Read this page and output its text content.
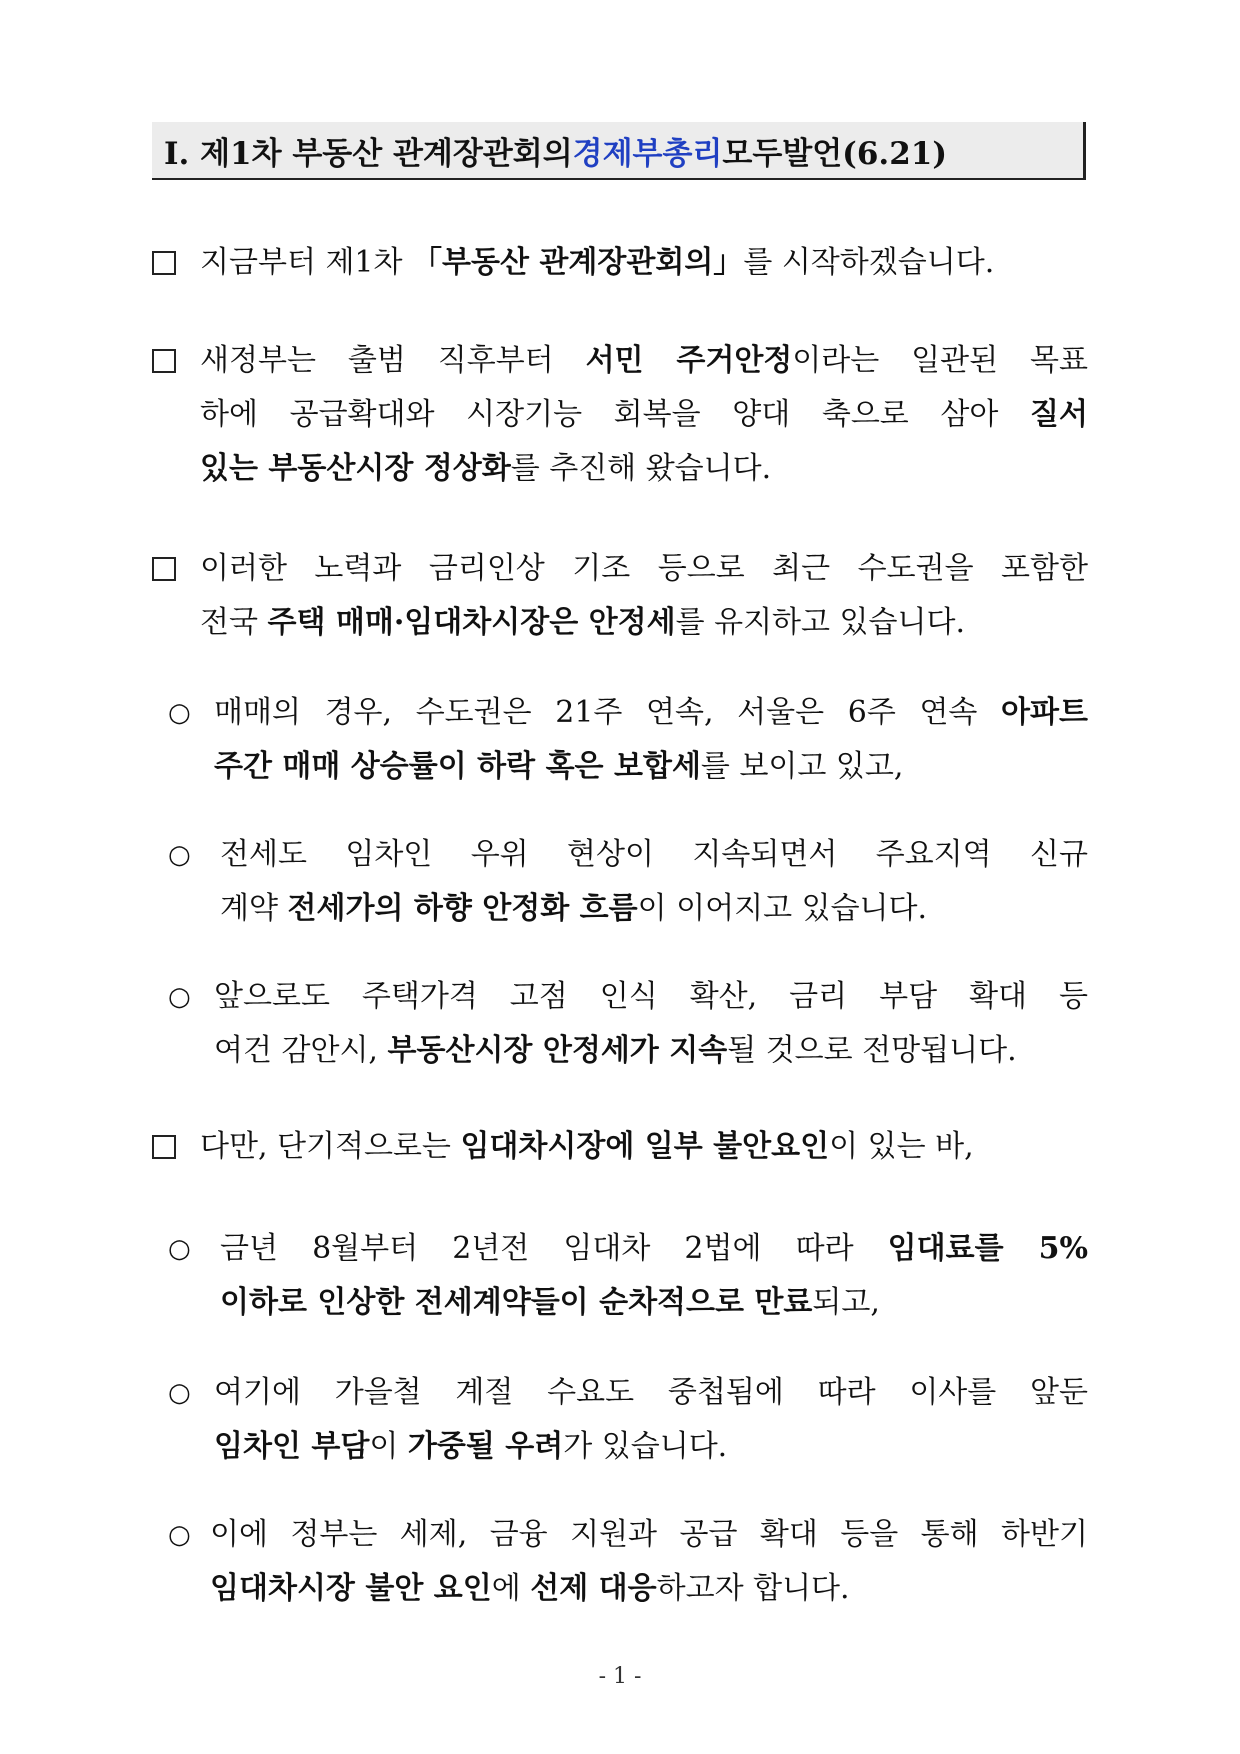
Ⅰ. 제1차 부동산 관계장관회의 경제부총리 모두발언(6.21)
지금부터 제1차 「부동산 관계장관회의」를 시작하겠습니다.
새정부는 출범 직후부터 서민 주거안정이라는 일관된 목표
하에 공급확대와 시장기능 회복을 양대 축으로 삼아 질서
있는 부동산시장 정상화를 추진해 왔습니다.
이러한 노력과 금리인상 기조 등으로 최근 수도권을 포함한
전국 주택 매매·임대차시장은 안정세를 유지하고 있습니다.
○ 매매의 경우, 수도권은 21주 연속, 서울은 6주 연속 아파트
주간 매매 상승률이 하락 혹은 보합세를 보이고 있고,
○ 전세도 임차인 우위 현상이 지속되면서 주요지역 신규
계약 전세가의 하향 안정화 흐름이 이어지고 있습니다.
○ 앞으로도 주택가격 고점 인식 확산, 금리 부담 확대 등
여건 감안시, 부동산시장 안정세가 지속될 것으로 전망됩니다.
다만, 단기적으로는 임대차시장에 일부 불안요인이 있는 바,
○ 금년 8월부터 2년전 임대차 2법에 따라 임대료를 5%
이하로 인상한 전세계약들이 순차적으로 만료되고,
○ 여기에 가을철 계절 수요도 중첩됨에 따라 이사를 앞둔
임차인 부담이 가중될 우려가 있습니다.
○ 이에 정부는 세제, 금융 지원과 공급 확대 등을 통해 하반기
임대차시장 불안 요인에 선제 대응하고자 합니다.
- 1 -
